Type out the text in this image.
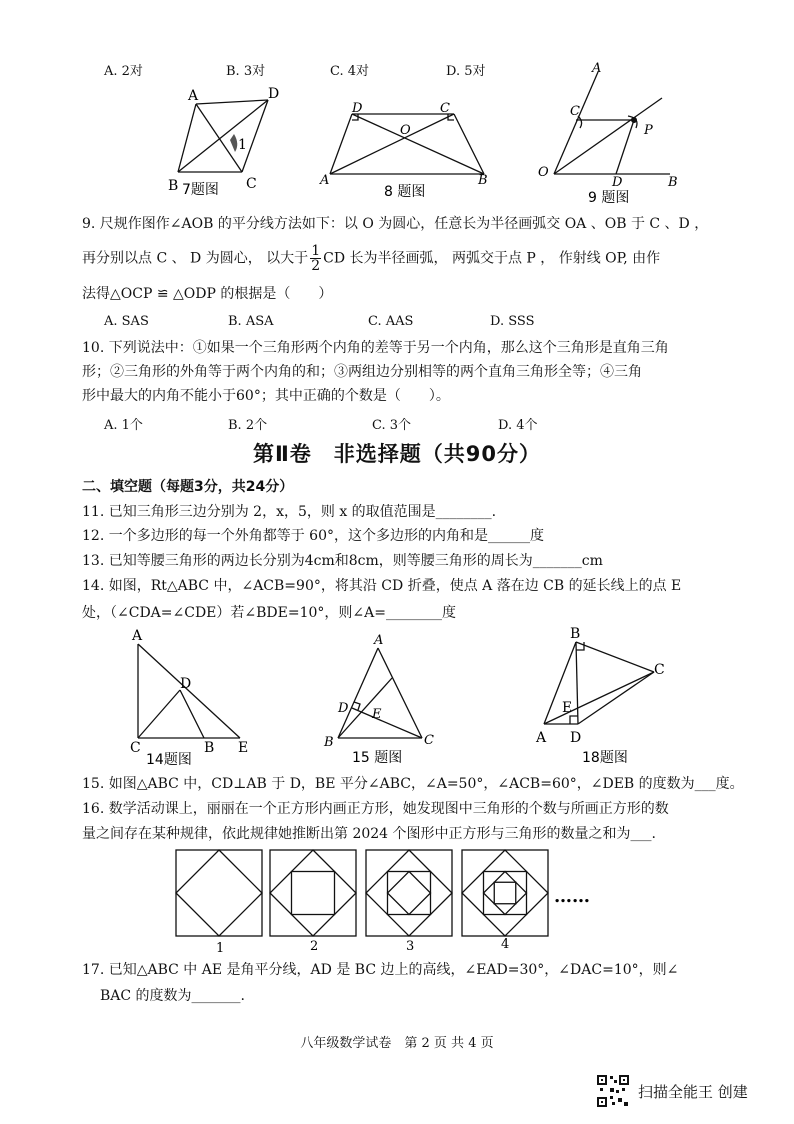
A. 2对	B. 3对	C. 4对	D. 5对
A	D
B	C
1
7题图
D	C
O
A	B
8 题图
A
C
P
O
D	B
9 题图
9. 尺规作图作∠AOB 的平分线方法如下：以 O 为圆心，任意长为半径画弧交 OA 、OB 于 C 、D ，
再分别以点 C 、 D 为圆心， 以大于 $\frac{1}{2}$ CD 长为半径画弧， 两弧交于点 P ， 作射线 OP, 由作
法得△OCP ≌ △ODP 的根据是（　　）
A. SAS	B. ASA	C. AAS	D. SSS
10. 下列说法中：①如果一个三角形两个内角的差等于另一个内角，那么这个三角形是直角三角
形；②三角形的外角等于两个内角的和；③两组边分别相等的两个直角三角形全等；④三角
形中最大的内角不能小于60°；其中正确的个数是（　　）。
A. 1个	B. 2个	C. 3个	D. 4个
第Ⅱ卷　非选择题（共90分）
二、填空题（每题3分，共24分）
11. 已知三角形三边分别为 2，x，5，则 x 的取值范围是________.
12. 一个多边形的每一个外角都等于 60°，这个多边形的内角和是______度
13. 已知等腰三角形的两边长分别为4cm和8cm，则等腰三角形的周长为_______cm
14. 如图，Rt△ABC 中，∠ACB=90°，将其沿 CD 折叠，使点 A 落在边 CB 的延长线上的点 E
处，（∠CDA=∠CDE）若∠BDE=10°，则∠A=________度
A
D
C	B E
14题图
A
D E
B	C
15 题图
B
C
E
A D
18题图
15. 如图△ABC 中，CD⊥AB 于 D，BE 平分∠ABC，∠A=50°，∠ACB=60°，∠DEB 的度数为___度。
16. 数学活动课上，丽丽在一个正方形内画正方形，她发现图中三角形的个数与所画正方形的数
量之间存在某种规律，依此规律她推断出第 2024 个图形中正方形与三角形的数量之和为___.
1	2	3	4
……
17. 已知△ABC 中 AE 是角平分线，AD 是 BC 边上的高线，∠EAD=30°，∠DAC=10°，则∠
BAC 的度数为_______.
八年级数学试卷　第 2 页 共 4 页
扫描全能王 创建
